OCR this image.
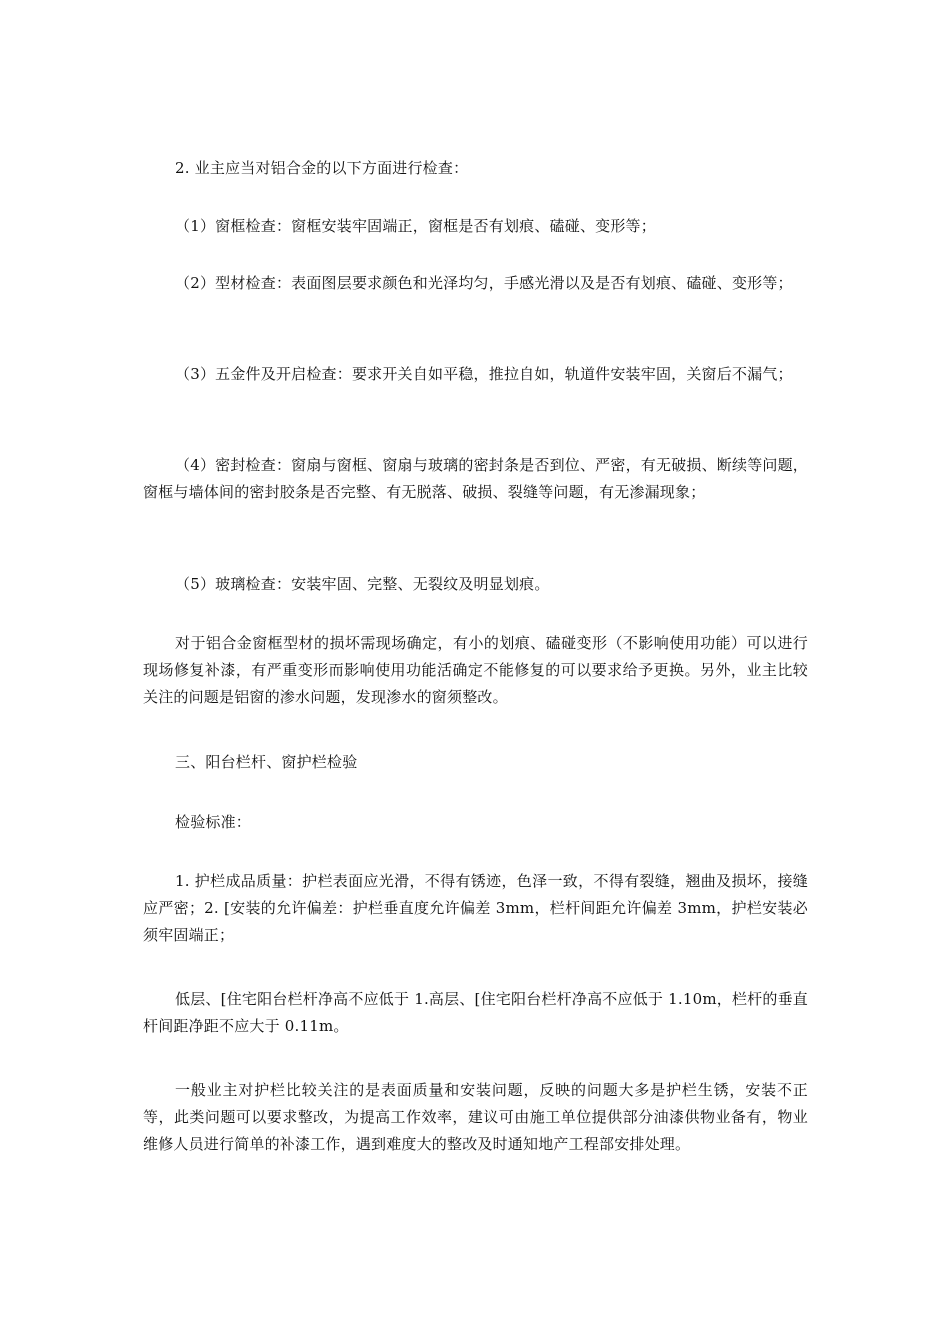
2. 业主应当对铝合金的以下方面进行检查：

（1）窗框检查：窗框安装牢固端正，窗框是否有划痕、磕碰、变形等；

（2）型材检查：表面图层要求颜色和光泽均匀，手感光滑以及是否有划痕、磕碰、变形等；

（3）五金件及开启检查：要求开关自如平稳，推拉自如，轨道件安装牢固，关窗后不漏气；

（4）密封检查：窗扇与窗框、窗扇与玻璃的密封条是否到位、严密，有无破损、断续等问题，窗框与墙体间的密封胶条是否完整、有无脱落、破损、裂缝等问题，有无渗漏现象；

（5）玻璃检查：安装牢固、完整、无裂纹及明显划痕。

对于铝合金窗框型材的损坏需现场确定，有小的划痕、磕碰变形（不影响使用功能）可以进行现场修复补漆，有严重变形而影响使用功能活确定不能修复的可以要求给予更换。另外，业主比较关注的问题是铝窗的渗水问题，发现渗水的窗须整改。

三、阳台栏杆、窗护栏检验

检验标准：

1. 护栏成品质量：护栏表面应光滑，不得有锈迹，色泽一致，不得有裂缝，翘曲及损坏，接缝应严密；2. [安装的允许偏差：护栏垂直度允许偏差 3mm，栏杆间距允许偏差 3mm，护栏安装必须牢固端正；

低层、[住宅阳台栏杆净高不应低于 1.高层、[住宅阳台栏杆净高不应低于 1.10m，栏杆的垂直杆间距净距不应大于 0.11m。

一般业主对护栏比较关注的是表面质量和安装问题，反映的问题大多是护栏生锈，安装不正等，此类问题可以要求整改，为提高工作效率，建议可由施工单位提供部分油漆供物业备有，物业维修人员进行简单的补漆工作，遇到难度大的整改及时通知地产工程部安排处理。
